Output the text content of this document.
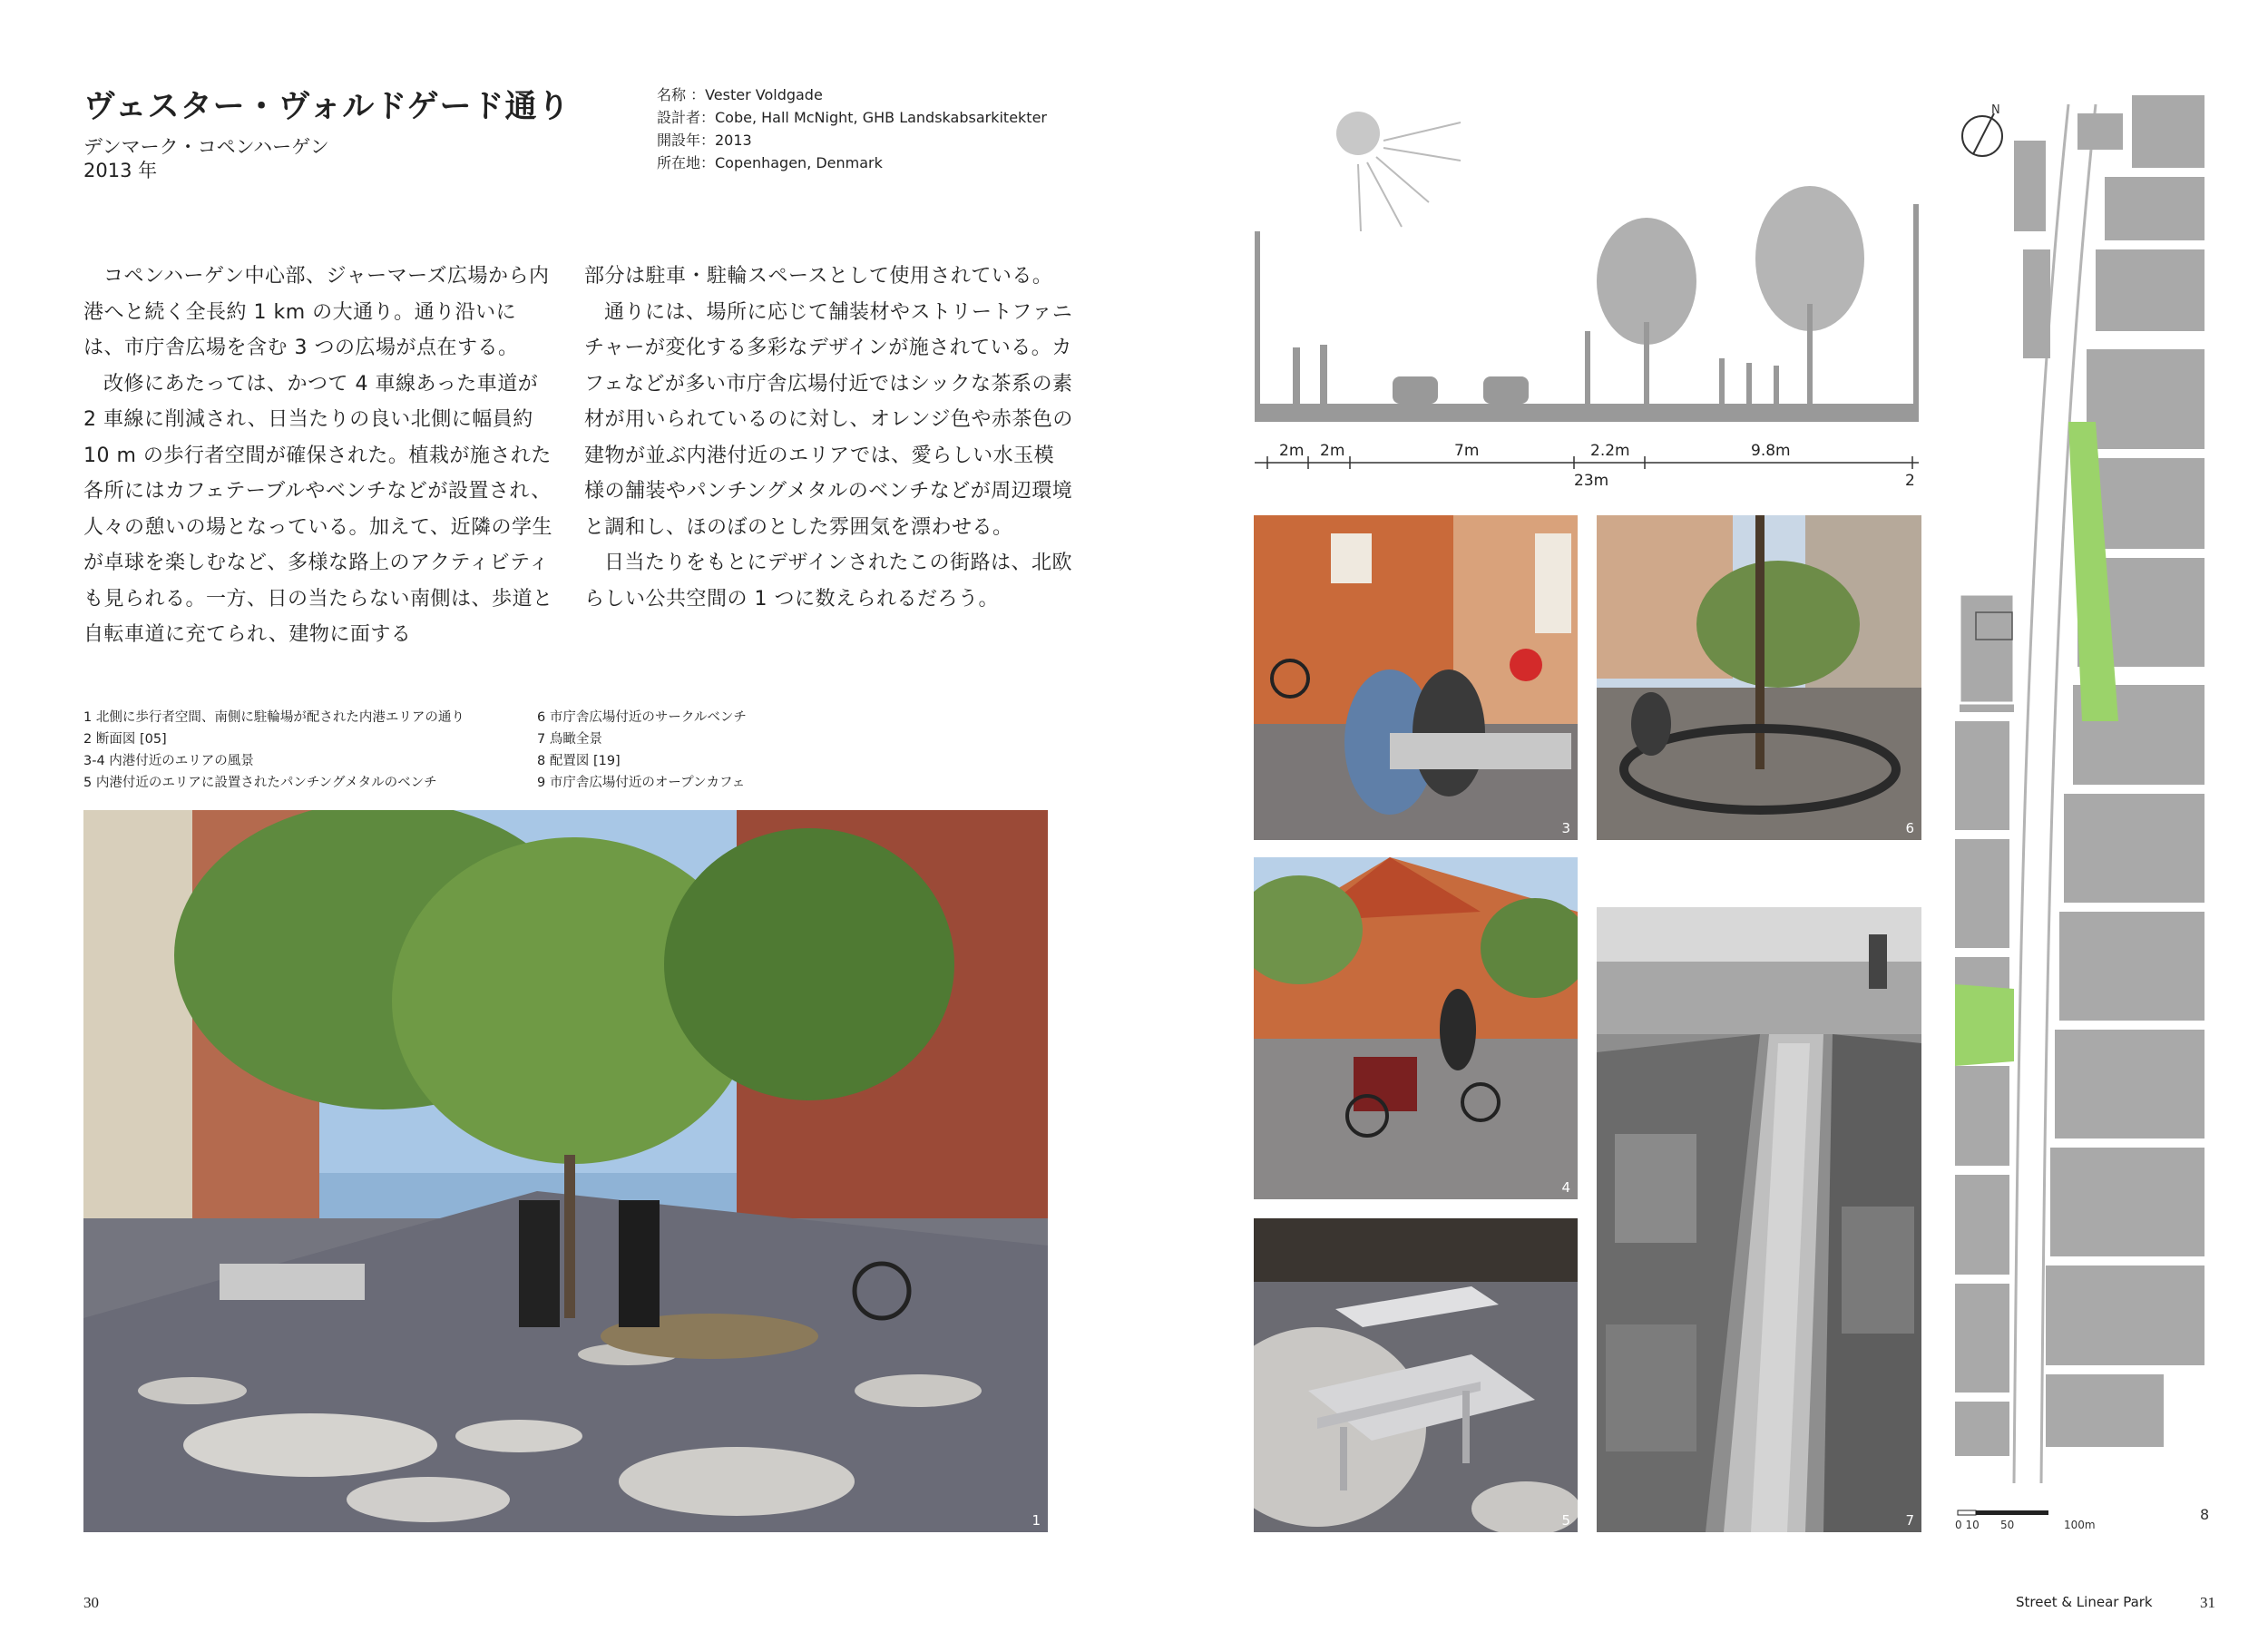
ヴェスター・ヴォルドゲード通り
デンマーク・コペンハーゲン
2013 年
名称 ：Vester Voldgade
設計者：Cobe, Hall McNight, GHB Landskabsarkitekter
開設年：2013
所在地：Copenhagen, Denmark

コペンハーゲン中心部、ジャーマーズ広場から内港へと続く全長約 1 km の大通り。通り沿いには、市庁舎広場を含む 3 つの広場が点在する。

改修にあたっては、かつて 4 車線あった車道が 2 車線に削減され、日当たりの良い北側に幅員約 10 m の歩行者空間が確保された。植栽が施された各所にはカフェテーブルやベンチなどが設置され、人々の憩いの場となっている。加えて、近隣の学生が卓球を楽しむなど、多様な路上のアクティビティも見られる。一方、日の当たらない南側は、歩道と自転車道に充てられ、建物に面する

部分は駐車・駐輪スペースとして使用されている。

通りには、場所に応じて舗装材やストリートファニチャーが変化する多彩なデザインが施されている。カフェなどが多い市庁舎広場付近ではシックな茶系の素材が用いられているのに対し、オレンジ色や赤茶色の建物が並ぶ内港付近のエリアでは、愛らしい水玉模様の舗装やパンチングメタルのベンチなどが周辺環境と調和し、ほのぼのとした雰囲気を漂わせる。

日当たりをもとにデザインされたこの街路は、北欧らしい公共空間の 1 つに数えられるだろう。

1 北側に歩行者空間、南側に駐輪場が配された内港エリアの通り
2 断面図 [05]
3-4 内港付近のエリアの風景
5 内港付近のエリアに設置されたパンチングメタルのベンチ
6 市庁舎広場付近のサークルベンチ
7 鳥瞰全景
8 配置図 [19]
9 市庁舎広場付近のオープンカフェ
1
2m 2m	7m	2.2m	9.8m
23m	2
3	6
4
7
5
N
0 10 50	100m
8
30	Street & Linear Park	31
